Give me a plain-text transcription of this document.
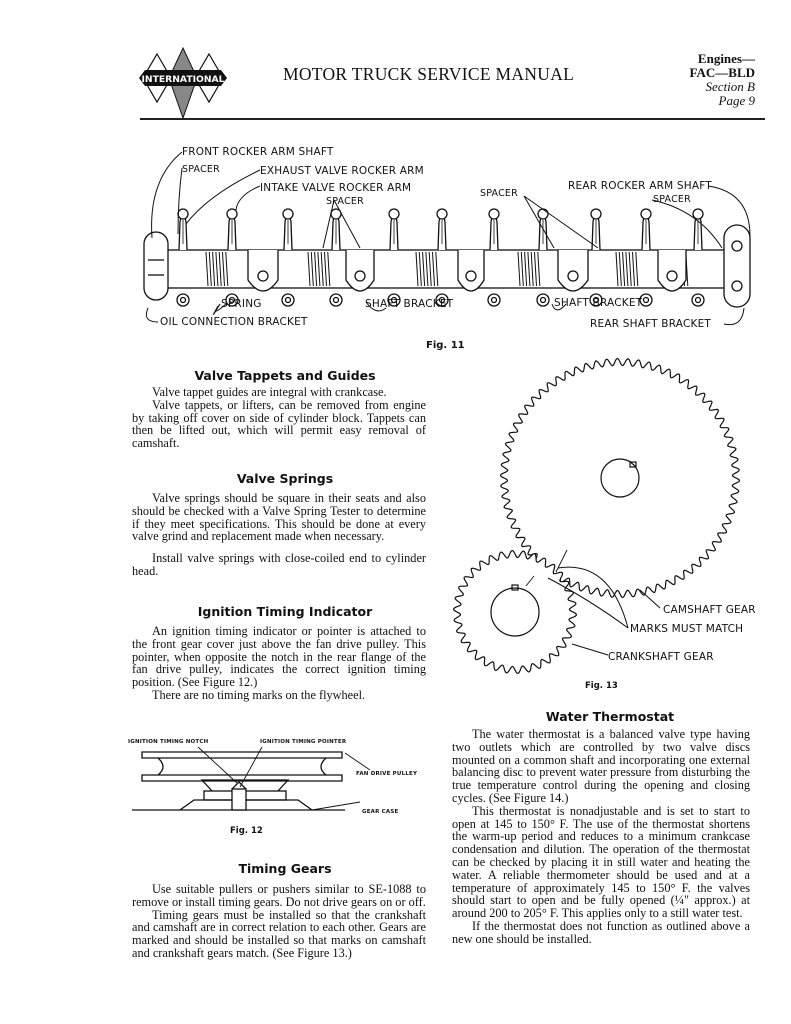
INTERNATIONAL	MOTOR TRUCK SERVICE MANUAL
Engines—
FAC—BLD
Section B
Page 9
FRONT ROCKER ARM SHAFT
SPACER	EXHAUST VALVE ROCKER ARM
INTAKE VALVE ROCKER ARM
SPACER
SPACER
REAR ROCKER ARM SHAFT
SPACER
SPRING
OIL CONNECTION BRACKET
SHAFT BRACKET	SHAFT BRACKET
REAR SHAFT BRACKET
Fig. 11
Valve Tappets and Guides

Valve tappet guides are integral with crankcase.

Valve tappets, or lifters, can be removed from engine by taking off cover on side of cylinder block. Tappets can then be lifted out, which will permit easy removal of camshaft.

Valve Springs

Valve springs should be square in their seats and also should be checked with a Valve Spring Tester to determine if they meet specifications. This should be done at every valve grind and replacement made when necessary.

Install valve springs with close-coiled end to cylinder head.

Ignition Timing Indicator

An ignition timing indicator or pointer is attached to the front gear cover just above the fan drive pulley. This pointer, when opposite the notch in the rear flange of the fan drive pulley, indicates the correct ignition timing position. (See Figure 12.)

There are no timing marks on the flywheel.

IGNITION TIMING NOTCH	IGNITION TIMING POINTER
FAN DRIVE PULLEY
GEAR CASE
Fig. 12
Timing Gears

Use suitable pullers or pushers similar to SE-1088 to remove or install timing gears. Do not drive gears on or off.

Timing gears must be installed so that the crankshaft and camshaft are in correct relation to each other. Gears are marked and should be installed so that marks on camshaft and crankshaft gears match. (See Figure 13.)

CAMSHAFT GEAR
MARKS MUST MATCH
CRANKSHAFT GEAR
Fig. 13
Water Thermostat

The water thermostat is a balanced valve type having two outlets which are controlled by two valve discs mounted on a common shaft and incorporating one external balancing disc to prevent water pressure from disturbing the true temperature control during the opening and closing cycles. (See Figure 14.)

This thermostat is nonadjustable and is set to start to open at 145 to 150° F. The use of the thermostat shortens the warm-up period and reduces to a minimum crankcase condensation and dilution. The operation of the thermostat can be checked by placing it in still water and heating the water. A reliable thermometer should be used and at a temperature of approximately 145 to 150° F. the valves should start to open and be fully opened (¼" approx.) at around 200 to 205° F. This applies only to a still water test.

If the thermostat does not function as outlined above a new one should be installed.
